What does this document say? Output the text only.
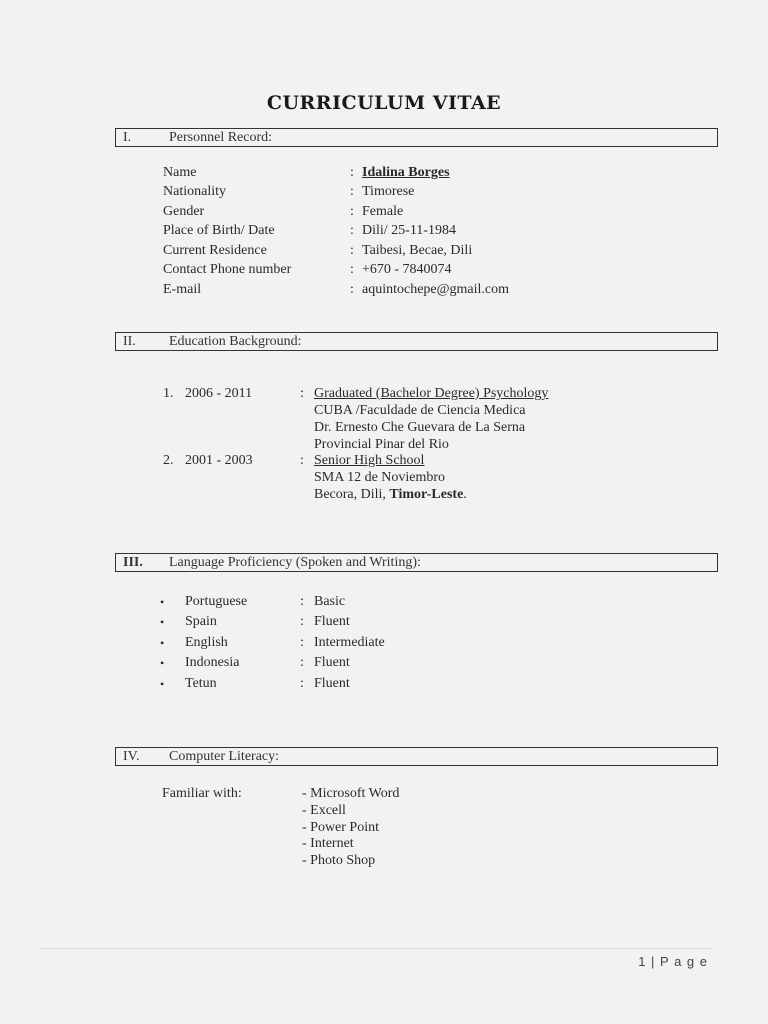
CURRICULUM VITAE
I.	Personnel Record:
Name	: Idalina Borges
Nationality	: Timorese
Gender	: Female
Place of Birth/ Date	: Dili/ 25-11-1984
Current Residence	: Taibesi, Becae, Dili
Contact Phone number	: +670 - 7840074
E-mail	: aquintochepe@gmail.com
II. Education Background:
1. 2006 - 2011	: Graduated (Bachelor Degree) Psychology
CUBA /Faculdade de Ciencia Medica
Dr. Ernesto Che Guevara de La Serna
Provincial Pinar del Rio
2. 2001 - 2003	: Senior High School
SMA 12 de Noviembro
Becora, Dili, Timor-Leste.
III. Language Proficiency (Spoken and Writing):
• Portuguese	: Basic
• Spain	: Fluent
• English	: Intermediate
• Indonesia	: Fluent
• Tetun	: Fluent
IV. Computer Literacy:
Familiar with:	- Microsoft Word
- Excell
- Power Point
- Internet
- Photo Shop
1 | P a g e
